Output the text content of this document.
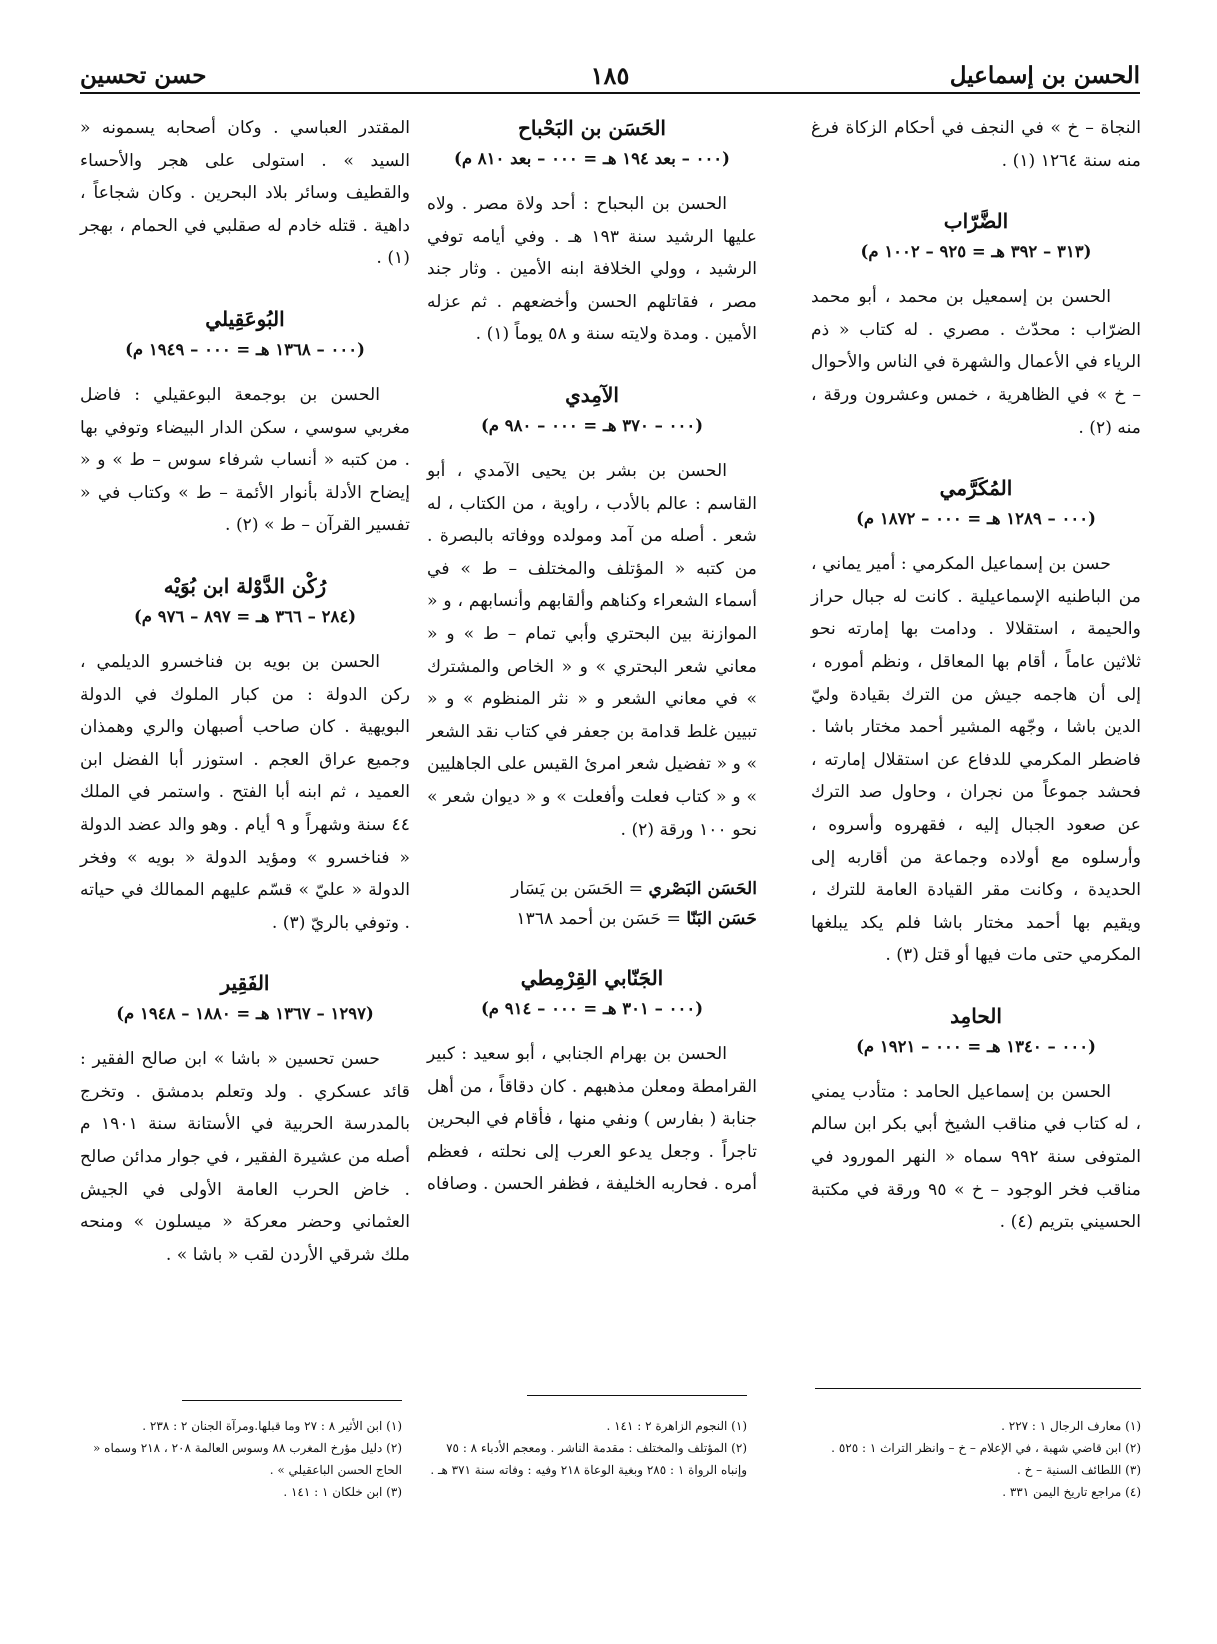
الحسن بن إسماعيل
١٨٥
حسن تحسين

النجاة – خ » في النجف في أحكام الزكاة فرغ منه سنة ١٢٦٤ (١) .

الضَّرّاب

(٣١٣ – ٣٩٢ هـ = ٩٢٥ – ١٠٠٢ م)

الحسن بن إسمعيل بن محمد ، أبو محمد الضرّاب : محدّث . مصري . له كتاب « ذم الرياء في الأعمال والشهرة في الناس والأحوال – خ » في الظاهرية ، خمس وعشرون ورقة ، منه (٢) .

المُكَرَّمي

(٠٠٠ – ١٢٨٩ هـ = ٠٠٠ – ١٨٧٢ م)

حسن بن إسماعيل المكرمي : أمير يماني ، من الباطنيه الإسماعيلية . كانت له جبال حراز والحيمة ، استقلالا . ودامت بها إمارته نحو ثلاثين عاماً ، أقام بها المعاقل ، ونظم أموره ، إلى أن هاجمه جيش من الترك بقيادة وليّ الدين باشا ، وجّهه المشير أحمد مختار باشا . فاضطر المكرمي للدفاع عن استقلال إمارته ، فحشد جموعاً من نجران ، وحاول صد الترك عن صعود الجبال إليه ، فقهروه وأسروه ، وأرسلوه مع أولاده وجماعة من أقاربه إلى الحديدة ، وكانت مقر القيادة العامة للترك ، ويقيم بها أحمد مختار باشا فلم يكد يبلغها المكرمي حتى مات فيها أو قتل (٣) .

الحامِد

(٠٠٠ – ١٣٤٠ هـ = ٠٠٠ – ١٩٢١ م)

الحسن بن إسماعيل الحامد : متأدب يمني ، له كتاب في مناقب الشيخ أبي بكر ابن سالم المتوفى سنة ٩٩٢ سماه « النهر المورود في مناقب فخر الوجود – خ » ٩٥ ورقة في مكتبة الحسيني بتريم (٤) .

الحَسَن بن البَحْباح

(٠٠٠ – بعد ١٩٤ هـ = ٠٠٠ – بعد ٨١٠ م)

الحسن بن البحباح : أحد ولاة مصر . ولاه عليها الرشيد سنة ١٩٣ هـ . وفي أيامه توفي الرشيد ، وولي الخلافة ابنه الأمين . وثار جند مصر ، فقاتلهم الحسن وأخضعهم . ثم عزله الأمين . ومدة ولايته سنة و ٥٨ يوماً (١) .

الآمِدي

(٠٠٠ – ٣٧٠ هـ = ٠٠٠ – ٩٨٠ م)

الحسن بن بشر بن يحيى الآمدي ، أبو القاسم : عالم بالأدب ، راوية ، من الكتاب ، له شعر . أصله من آمد ومولده ووفاته بالبصرة . من كتبه « المؤتلف والمختلف – ط » في أسماء الشعراء وكناهم وألقابهم وأنسابهم ، و « الموازنة بين البحتري وأبي تمام – ط » و « معاني شعر البحتري » و « الخاص والمشترك » في معاني الشعر و « نثر المنظوم » و « تبيين غلط قدامة بن جعفر في كتاب نقد الشعر » و « تفضيل شعر امرئ القيس على الجاهليين » و « كتاب فعلت وأفعلت » و « ديوان شعر » نحو ١٠٠ ورقة (٢) .

الحَسَن البَصْري = الحَسَن بن يَسَار

حَسَن البَنّا = حَسَن بن أحمد ١٣٦٨

الجَنّابي القِرْمِطي

(٠٠٠ – ٣٠١ هـ = ٠٠٠ – ٩١٤ م)

الحسن بن بهرام الجنابي ، أبو سعيد : كبير القرامطة ومعلن مذهبهم . كان دقاقاً ، من أهل جنابة ( بفارس ) ونفي منها ، فأقام في البحرين تاجراً . وجعل يدعو العرب إلى نحلته ، فعظم أمره . فحاربه الخليفة ، فظفر الحسن . وصافاه

المقتدر العباسي . وكان أصحابه يسمونه « السيد » . استولى على هجر والأحساء والقطيف وسائر بلاد البحرين . وكان شجاعاً ، داهية . قتله خادم له صقلبي في الحمام ، بهجر (١) .

البُوعَقِيلي

(٠٠٠ – ١٣٦٨ هـ = ٠٠٠ – ١٩٤٩ م)

الحسن بن بوجمعة البوعقيلي : فاضل مغربي سوسي ، سكن الدار البيضاء وتوفي بها . من كتبه « أنساب شرفاء سوس – ط » و « إيضاح الأدلة بأنوار الأئمة – ط » وكتاب في « تفسير القرآن – ط » (٢) .

رُكْن الدَّوْلة ابن بُوَيْه

(٢٨٤ – ٣٦٦ هـ = ٨٩٧ – ٩٧٦ م)

الحسن بن بويه بن فناخسرو الديلمي ، ركن الدولة : من كبار الملوك في الدولة البويهية . كان صاحب أصبهان والري وهمذان وجميع عراق العجم . استوزر أبا الفضل ابن العميد ، ثم ابنه أبا الفتح . واستمر في الملك ٤٤ سنة وشهراً و ٩ أيام . وهو والد عضد الدولة « فناخسرو » ومؤيد الدولة « بويه » وفخر الدولة « عليّ » قسّم عليهم الممالك في حياته . وتوفي بالريّ (٣) .

الفَقِير

(١٢٩٧ – ١٣٦٧ هـ = ١٨٨٠ – ١٩٤٨ م)

حسن تحسين « باشا » ابن صالح الفقير : قائد عسكري . ولد وتعلم بدمشق . وتخرج بالمدرسة الحربية في الأستانة سنة ١٩٠١ م أصله من عشيرة الفقير ، في جوار مدائن صالح . خاض الحرب العامة الأولى في الجيش العثماني وحضر معركة « ميسلون » ومنحه ملك شرقي الأردن لقب « باشا » .

(١) معارف الرجال ١ : ٢٢٧ .

(٢) ابن قاضي شهبة ، في الإعلام – خ – وانظر التراث ١ : ٥٢٥ .

(٣) اللطائف السنية – خ .

(٤) مراجع تاريخ اليمن ٣٣١ .

(١) النجوم الزاهرة ٢ : ١٤١ .

(٢) المؤتلف والمختلف : مقدمة الناشر . ومعجم الأدباء ٨ : ٧٥ وإنباه الرواة ١ : ٢٨٥ وبغية الوعاة ٢١٨ وفيه : وفاته سنة ٣٧١ هـ .

(١) ابن الأثير ٨ : ٢٧ وما قبلها.ومرآة الجنان ٢ : ٢٣٨ .

(٢) دليل مؤرخ المغرب ٨٨ وسوس العالمة ٢٠٨ ، ٢١٨ وسماه « الحاج الحسن الباعقيلي » .

(٣) ابن خلكان ١ : ١٤١ .
